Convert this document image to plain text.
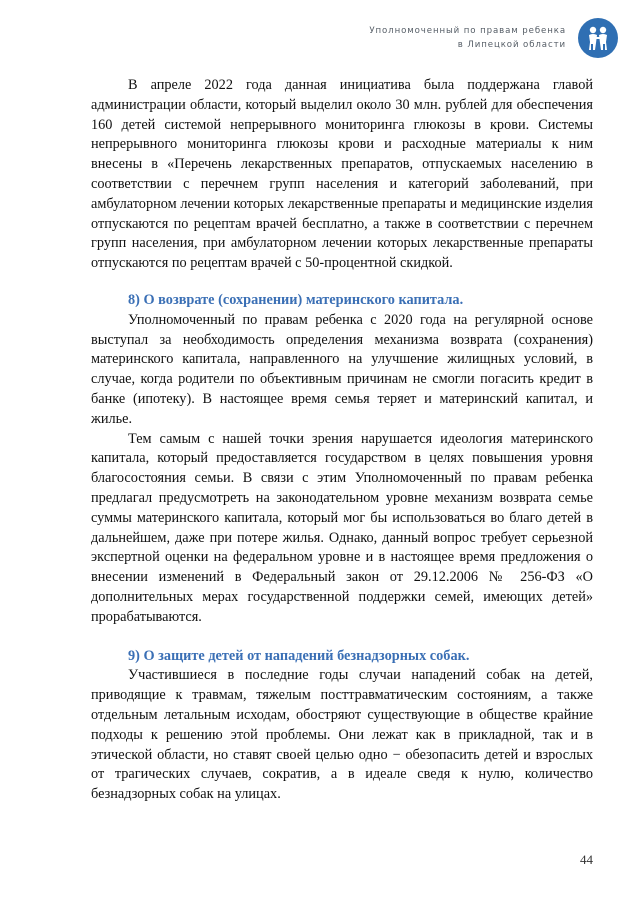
Уполномоченный по правам ребенка
в Липецкой области

В апреле 2022 года данная инициатива была поддержана главой администрации области, который выделил около 30 млн. рублей для обеспечения 160 детей системой непрерывного мониторинга глюкозы в крови. Системы непрерывного мониторинга глюкозы крови и расходные материалы к ним внесены в «Перечень лекарственных препаратов, отпускаемых населению в соответствии с перечнем групп населения и категорий заболеваний, при амбулаторном лечении которых лекарственные препараты и медицинские изделия отпускаются по рецептам врачей бесплатно, а также в соответствии с перечнем групп населения, при амбулаторном лечении которых лекарственные препараты отпускаются по рецептам врачей с 50-процентной скидкой.

8) О возврате (сохранении) материнского капитала.

Уполномоченный по правам ребенка с 2020 года на регулярной основе выступал за необходимость определения механизма возврата (сохранения) материнского капитала, направленного на улучшение жилищных условий, в случае, когда родители по объективным причинам не смогли погасить кредит в банке (ипотеку). В настоящее время семья теряет и материнский капитал, и жилье.

Тем самым с нашей точки зрения нарушается идеология материнского капитала, который предоставляется государством в целях повышения уровня благосостояния семьи. В связи с этим Уполномоченный по правам ребенка предлагал предусмотреть на законодательном уровне механизм возврата семье суммы материнского капитала, который мог бы использоваться во благо детей в дальнейшем, даже при потере жилья. Однако, данный вопрос требует серьезной экспертной оценки на федеральном уровне и в настоящее время предложения о внесении изменений в Федеральный закон от 29.12.2006 № 256-ФЗ «О дополнительных мерах государственной поддержки семей, имеющих детей» прорабатываются.

9) О защите детей от нападений безнадзорных собак.

Участившиеся в последние годы случаи нападений собак на детей, приводящие к травмам, тяжелым посттравматическим состояниям, а также отдельным летальным исходам, обостряют существующие в обществе крайние подходы к решению этой проблемы. Они лежат как в прикладной, так и в этической области, но ставят своей целью одно − обезопасить детей и взрослых от трагических случаев, сократив, а в идеале сведя к нулю, количество безнадзорных собак на улицах.

44
